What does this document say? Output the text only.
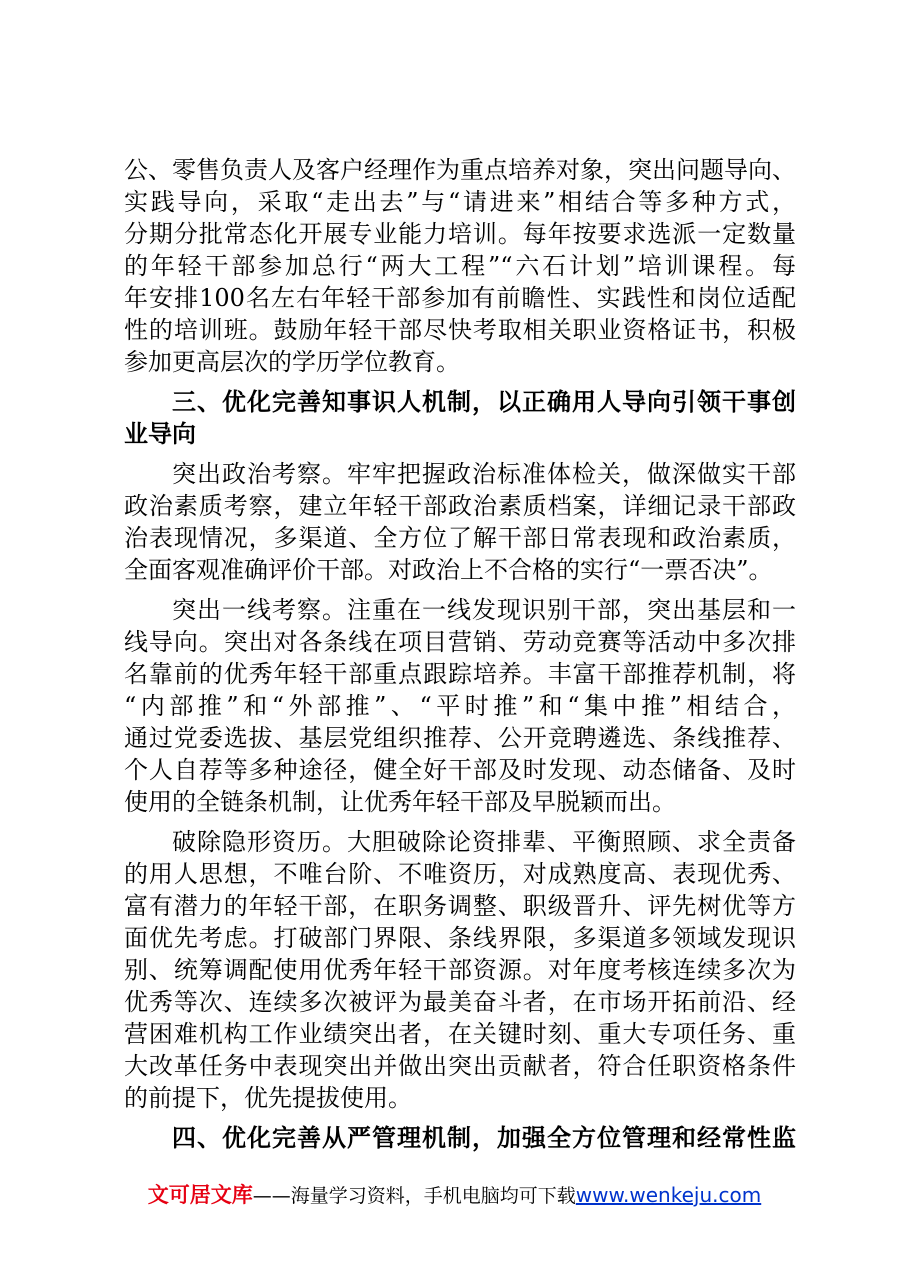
公、零售负责人及客户经理作为重点培养对象，突出问题导向、
实践导向，采取“走出去”与“请进来”相结合等多种方式，
分期分批常态化开展专业能力培训。每年按要求选派一定数量
的年轻干部参加总行“两大工程”“六石计划”培训课程。每
年安排100名左右年轻干部参加有前瞻性、实践性和岗位适配
性的培训班。鼓励年轻干部尽快考取相关职业资格证书，积极
参加更高层次的学历学位教育。
三、优化完善知事识人机制，以正确用人导向引领干事创
业导向
突出政治考察。牢牢把握政治标准体检关，做深做实干部
政治素质考察，建立年轻干部政治素质档案，详细记录干部政
治表现情况，多渠道、全方位了解干部日常表现和政治素质，
全面客观准确评价干部。对政治上不合格的实行“一票否决”。
突出一线考察。注重在一线发现识别干部，突出基层和一
线导向。突出对各条线在项目营销、劳动竞赛等活动中多次排
名靠前的优秀年轻干部重点跟踪培养。丰富干部推荐机制，将
“内部推”和“外部推”、“平时推”和“集中推”相结合，
通过党委选拔、基层党组织推荐、公开竞聘遴选、条线推荐、
个人自荐等多种途径，健全好干部及时发现、动态储备、及时
使用的全链条机制，让优秀年轻干部及早脱颖而出。
破除隐形资历。大胆破除论资排辈、平衡照顾、求全责备
的用人思想，不唯台阶、不唯资历，对成熟度高、表现优秀、
富有潜力的年轻干部，在职务调整、职级晋升、评先树优等方
面优先考虑。打破部门界限、条线界限，多渠道多领域发现识
别、统筹调配使用优秀年轻干部资源。对年度考核连续多次为
优秀等次、连续多次被评为最美奋斗者，在市场开拓前沿、经
营困难机构工作业绩突出者，在关键时刻、重大专项任务、重
大改革任务中表现突出并做出突出贡献者，符合任职资格条件
的前提下，优先提拔使用。
四、优化完善从严管理机制，加强全方位管理和经常性监
文可居文库——海量学习资料，手机电脑均可下载www.wenkeju.com
